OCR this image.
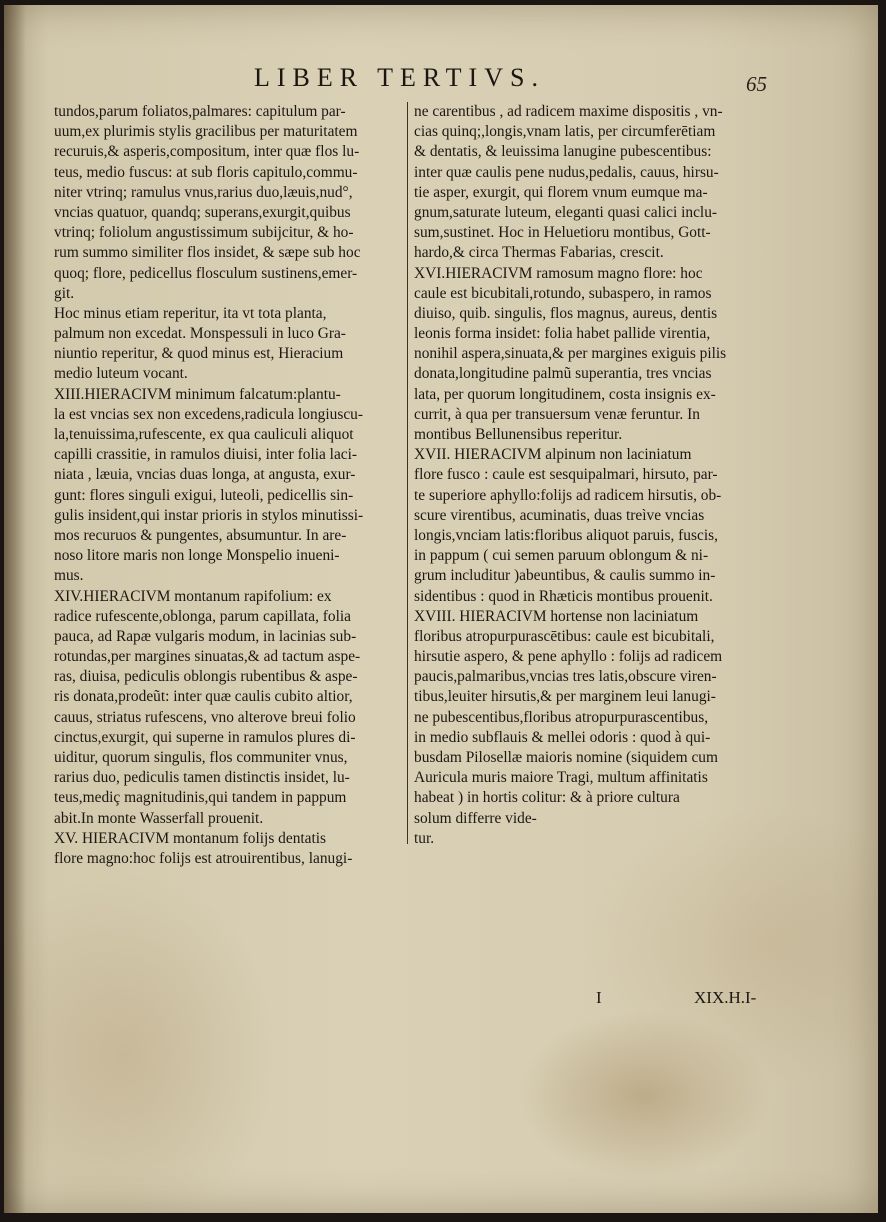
LIBER TERTIVS.	65
tundos,parum foliatos,palmares: capitulum par-
uum,ex plurimis stylis gracilibus per maturitatem
recuruis,& asperis,compositum, inter quæ flos lu-
teus, medio fuscus: at sub floris capitulo,commu-
niter vtrinq; ramulus vnus,rarius duo,læuis,nud°,
vncias quatuor, quandq; superans,exurgit,quibus
vtrinq; foliolum angustissimum subijcitur, & ho-
rum summo similiter flos insidet, & sæpe sub hoc
quoq; flore, pedicellus flosculum sustinens,emer-
git.
Hoc minus etiam reperitur, ita vt tota planta,
palmum non excedat. Monspessuli in luco Gra-
niuntio reperitur, & quod minus est, Hieracium
medio luteum vocant.
XIII.HIERACIVM minimum falcatum:plantu-
la est vncias sex non excedens,radicula longiuscu-
la,tenuissima,rufescente, ex qua cauliculi aliquot
capilli crassitie, in ramulos diuisi, inter folia laci-
niata , læuia, vncias duas longa, at angusta, exur-
gunt: flores singuli exigui, luteoli, pedicellis sin-
gulis insident,qui instar prioris in stylos minutissi-
mos recuruos & pungentes, absumuntur. In are-
noso litore maris non longe Monspelio inueni-
mus.
XIV.HIERACIVM montanum rapifolium: ex
radice rufescente,oblonga, parum capillata, folia
pauca, ad Rapæ vulgaris modum, in lacinias sub-
rotundas,per margines sinuatas,& ad tactum aspe-
ras, diuisa, pediculis oblongis rubentibus & aspe-
ris donata,prodeũt: inter quæ caulis cubito altior,
cauus, striatus rufescens, vno alterove breui folio
cinctus,exurgit, qui superne in ramulos plures di-
uiditur, quorum singulis, flos communiter vnus,
rarius duo, pediculis tamen distinctis insidet, lu-
teus,mediç magnitudinis,qui tandem in pappum
abit.In monte Wasserfall prouenit.
XV. HIERACIVM montanum folijs dentatis
flore magno:hoc folijs est atrouirentibus, lanugi-
ne carentibus , ad radicem maxime dispositis , vn-
cias quinq;,longis,vnam latis, per circumferētiam
& dentatis, & leuissima lanugine pubescentibus:
inter quæ caulis pene nudus,pedalis, cauus, hirsu-
tie asper, exurgit, qui florem vnum eumque ma-
gnum,saturate luteum, eleganti quasi calici inclu-
sum,sustinet. Hoc in Heluetioru montibus, Gott-
hardo,& circa Thermas Fabarias, crescit.
XVI.HIERACIVM ramosum magno flore: hoc
caule est bicubitali,rotundo, subaspero, in ramos
diuiso, quib. singulis, flos magnus, aureus, dentis
leonis forma insidet: folia habet pallide virentia,
nonihil aspera,sinuata,& per margines exiguis pilis
donata,longitudine palmũ superantia, tres vncias
lata, per quorum longitudinem, costa insignis ex-
currit, à qua per transuersum venæ feruntur. In
montibus Bellunensibus reperitur.
XVII. HIERACIVM alpinum non laciniatum
flore fusco : caule est sesquipalmari, hirsuto, par-
te superiore aphyllo:folijs ad radicem hirsutis, ob-
scure virentibus, acuminatis, duas treìve vncias
longis,vnciam latis:floribus aliquot paruis, fuscis,
in pappum ( cui semen paruum oblongum & ni-
grum includitur )abeuntibus, & caulis summo in-
sidentibus : quod in Rhæticis montibus prouenit.
XVIII. HIERACIVM hortense non laciniatum
floribus atropurpurascētibus: caule est bicubitali,
hirsutie aspero, & pene aphyllo : folijs ad radicem
paucis,palmaribus,vncias tres latis,obscure viren-
tibus,leuiter hirsutis,& per marginem leui lanugi-
ne pubescentibus,floribus atropurpurascentibus,
in medio subflauis & mellei odoris : quod à qui-
busdam Pilosellæ maioris nomine (siquidem cum
Auricula muris maiore Tragi, multum affinitatis
habeat ) in hortis colitur: & à priore cultura
solum differre vide-
tur.
I	XIX.H.I-
